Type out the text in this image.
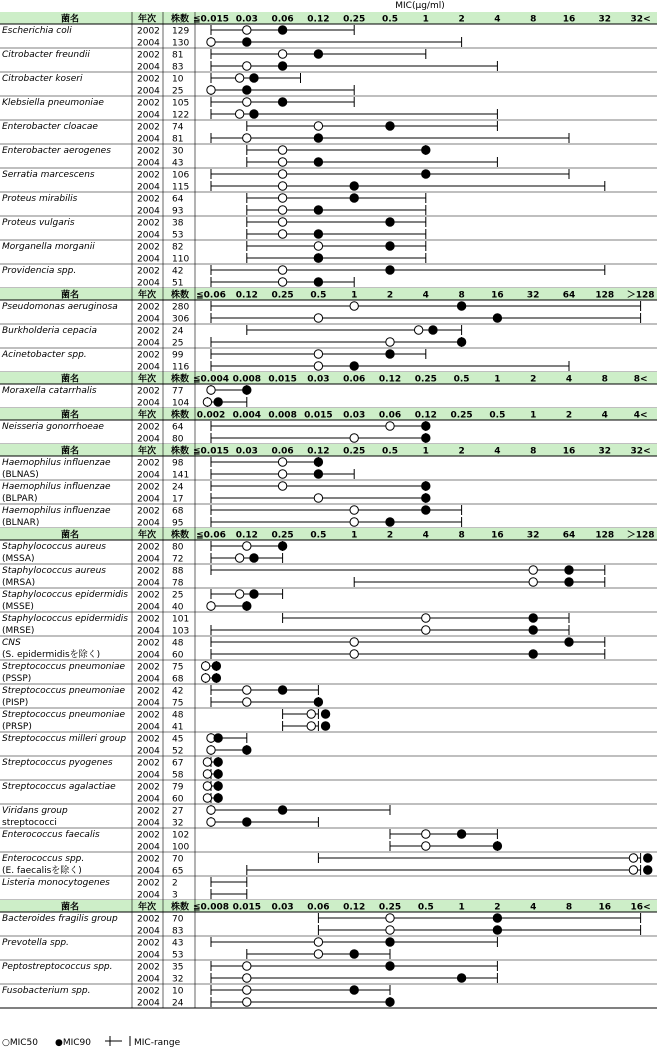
MIC(μg/ml)
菌名	年次 株数 ≦0.015 0.03 0.06 0.12 0.25 0.5	1	2	4	8	16	32 32<
Escherichia coli	2002 129
2004 130
Citrobacter freundii	2002 81
2004 83
Citrobacter koseri	2002 10
2004 25
Klebsiella pneumoniae	2002 105
2004 122
Enterobacter cloacae	2002 74
2004 81
Enterobacter aerogenes	2002 30
2004 43
Serratia marcescens	2002 106
2004 115
Proteus mirabilis	2002 64
2004 93
Proteus vulgaris	2002 38
2004 53
Morganella morganii	2002 82
2004 110
Providencia spp.	2002 42
2004 51
菌名	年次 株数 ≦0.06 0.12 0.25 0.5	1	2	4	8	16	32	64 128 ＞128
Pseudomonas aeruginosa 2002 280
2004 306
Burkholderia cepacia	2002 24
2004 25
Acinetobacter spp.	2002 99
2004 116
菌名	年次 株数 ≦0.004 0.008 0.015 0.03 0.06 0.12 0.25 0.5	1	2	4	8	8<
Moraxella catarrhalis	2002 77
2004 104
菌名	年次 株数 0.002 0.004 0.008 0.015 0.03 0.06 0.12 0.25 0.5	1	2	4	4<
Neisseria gonorrhoeae	2002 64
2004 80
菌名	年次 株数 ≦0.015 0.03 0.06 0.12 0.25 0.5	1	2	4	8	16	32 32<
Haemophilus influenzae
(BLNAS)
2002 98
2004 141
Haemophilus influenzae
(BLPAR)
2002 24
2004 17
Haemophilus influenzae
(BLNAR)
2002 68
2004 95
菌名	年次 株数 ≦0.06 0.12 0.25 0.5	1	2	4	8	16	32	64 128 ＞128
Staphylococcus aureus
(MSSA)
2002 80
2004 72
Staphylococcus aureus
(MRSA)
2002 88
2004 78
Staphylococcus epidermidis
(MSSE)
2002 25
2004 40
Staphylococcus epidermidis
(MRSE)
2002 101
2004 103
CNS
(S. epidermidisを除く)
2002 48
2004 60
Streptococcus pneumoniae
(PSSP)
2002 75
2004 68
Streptococcus pneumoniae
(PISP)
2002 42
2004 75
Streptococcus pneumoniae
(PRSP)
2002 48
2004 41
Streptococcus milleri group 2002 45
2004 52
Streptococcus pyogenes	2002 67
2004 58
Streptococcus agalactiae 2002 79
2004 60
Viridans group
streptococci
2002 27
2004 32
Enterococcus faecalis	2002 102
2004 100
Enterococcus spp.
(E. faecalisを除く)
2002 70
2004 65
Listeria monocytogenes	2002 2
2004 3
菌名	年次 株数 ≦0.008 0.015 0.03 0.06 0.12 0.25 0.5	1	2	4	8	16 16<
Bacteroides fragilis group 2002 70
2004 83
Prevotella spp.	2002 43
2004 53
Peptostreptococcus spp.	2002 35
2004 32
Fusobacterium spp.	2002 10
2004 24
○MIC50 ●MIC90	MIC-range
